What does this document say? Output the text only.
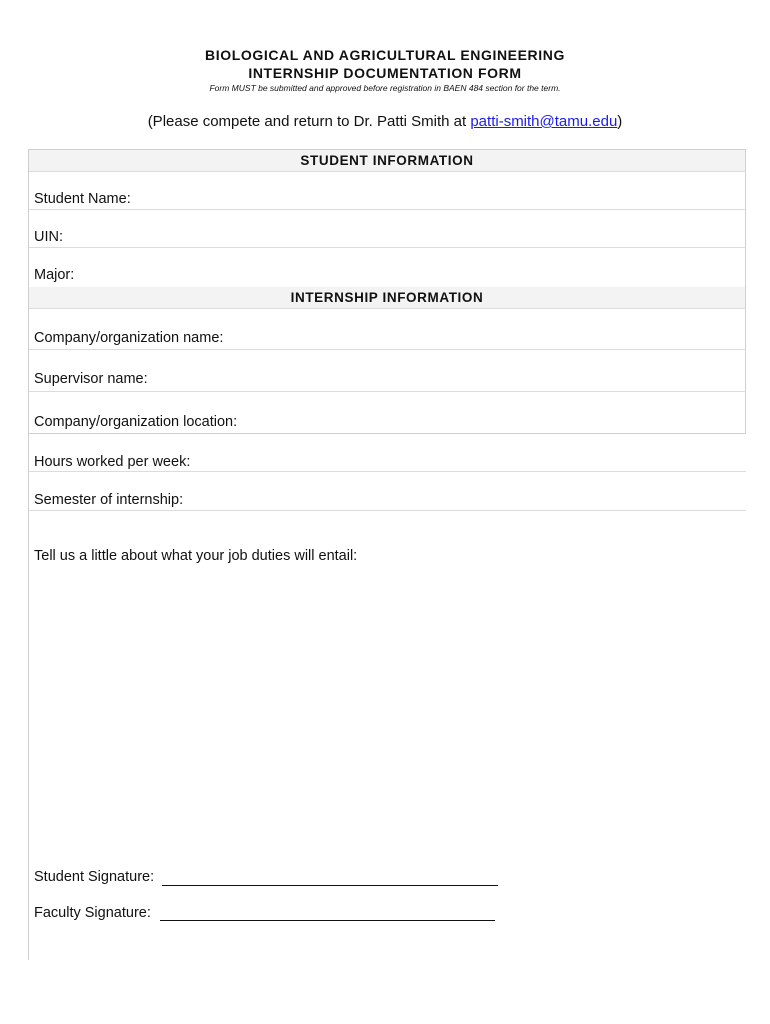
BIOLOGICAL AND AGRICULTURAL ENGINEERING
INTERNSHIP DOCUMENTATION FORM
Form MUST be submitted and approved before registration in BAEN 484 section for the term.
(Please compete and return to Dr. Patti Smith at patti-smith@tamu.edu)
STUDENT INFORMATION
Student Name:
UIN:
Major:
INTERNSHIP INFORMATION
Company/organization name:
Supervisor name:
Company/organization location:
Hours worked per week:
Semester of internship:
Tell us a little about what your job duties will entail:
Student Signature:
Faculty Signature:
